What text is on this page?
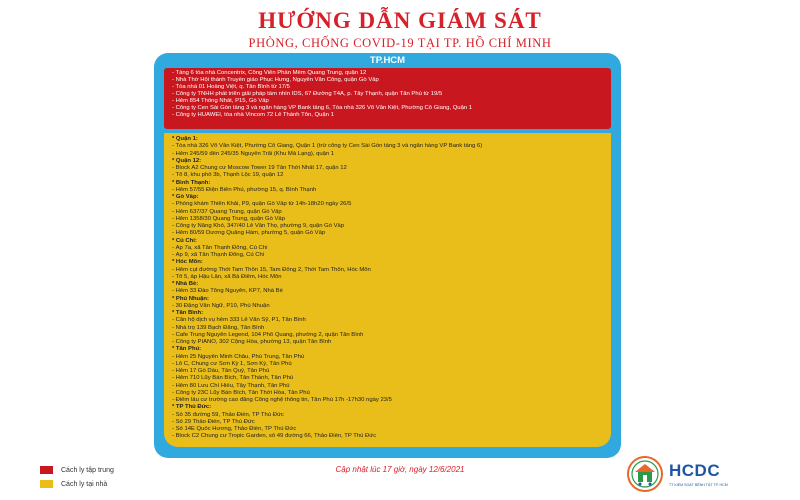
HƯỚNG DẪN GIÁM SÁT
PHÒNG, CHỐNG COVID-19 TẠI TP. HỒ CHÍ MINH
TP.HCM
- Tầng 6 tòa nhà Concentrix, Công Viên Phần Mềm Quang Trung, quận 12
- Nhà Thờ Hội thánh Truyền giáo Phục Hưng, Nguyễn Văn Công, quận Gò Vấp
- Tòa nhà 01 Hoàng Việt, q. Tân Bình từ 17/5
- Công ty TNHH phát triển giải pháp tầm nhìn IDS, 67 Đường T4A, p. Tây Thạnh, quận Tân Phú từ 19/5
- Hẻm 854 Thống Nhất, P15, Gò Vấp
- Công ty Cen Sài Gòn tầng 3 và ngân hàng VP Bank tầng 6, Tòa nhà 326 Võ Văn Kiệt, Phường Cô Giang, Quận 1
- Công ty HUAWEI, tòa nhà Vincom 72 Lê Thánh Tôn, Quận 1
* Quận 1:
- Tòa nhà 326 Võ Văn Kiệt, Phường Cô Giang, Quận 1 (trừ công ty Cen Sài Gòn tầng 3 và ngân hàng VP Bank tầng 6)
- Hẻm 245/59 đến 245/35 Nguyễn Trãi (Khu Mả Lạng), quận 1
* Quận 12:
- Block A2 Chung cư Moscow Tower 19 Tân Thới Nhất 17, quận 12
- Tổ 8, khu phố 3b, Thạnh Lộc 19, quận 12
* Bình Thạnh:
- Hẻm 57/55 Điện Biên Phủ, phường 15, q. Bình Thạnh
* Gò Vấp:
- Phòng khám Thiên Khải, P9, quận Gò Vấp từ 14h-18h20 ngày 26/5
- Hẻm 637/37 Quang Trung, quận Gò Vấp
- Hẻm 1358/30 Quang Trung, quận Gò Vấp
- Công ty Năng Khỏ, 347/40 Lê Văn Thọ, phường 9, quận Gò Vấp
- Hẻm 80/59 Dương Quảng Hàm, phường 5, quận Gò Vấp
* Củ Chi:
- Ấp 7a, xã Tân Thạnh Đông, Củ Chi
- Ấp 9, xã Tân Thạnh Đông, Củ Chi
* Hóc Môn:
- Hẻm cụt đường Thới Tam Thôn 15, Tam Đông 2, Thới Tam Thôn, Hóc Môn
- Tổ 5, ấp Hậu Lân, xã Bà Điểm, Hóc Môn
* Nhà Bè:
- Hẻm 33 Đào Tông Nguyên, KP7, Nhà Bè
* Phú Nhuận:
- 30 Đặng Văn Ngữ, P10, Phú Nhuận
* Tân Bình:
- Căn hộ dịch vụ hẻm 333 Lê Văn Sỹ, P1, Tân Bình
- Nhà trọ 139 Bạch Đằng, Tân Bình
- Cafe Trung Nguyên Legend, 104 Phổ Quang, phường 2, quận Tân Bình
- Công ty PIANO, 302 Cộng Hòa, phường 13, quận Tân Bình
* Tân Phú:
- Hẻm 25 Nguyễn Minh Châu, Phú Trung, Tân Phú
- Lô C, Chung cư Sơn Kỳ 1, Sơn Kỳ, Tân Phú
- Hẻm 17 Gò Dầu, Tân Quý, Tân Phú
- Hẻm 710 Lũy Bán Bích, Tân Thành, Tân Phú
- Hẻm 80 Lưu Chí Hiếu, Tây Thạnh, Tân Phú
- Công ty 23C Lũy Bán Bích, Tân Thới Hòa, Tân Phú
- Điểm lấu cư trường cao đẳng Công nghệ thông tin, Tân Phú 17h -17h30 ngày 23/5
* TP Thủ Đức:
- Số 35 đường 59, Thảo Điền, TP Thủ Đức
- Số 29 Thảo Điền, TP Thủ Đức
- Số 14E Quốc Hương, Thảo Điền, TP Thủ Đức
- Block C2 Chung cư Tropic Garden, số 49 đường 66, Thảo Điền, TP Thủ Đức
Cách ly tập trung
Cách ly tại nhà
Cập nhật lúc 17 giờ, ngày 12/6/2021	HCDC
TT KIỂM SOÁT BỆNH TẬT TP. HCM
